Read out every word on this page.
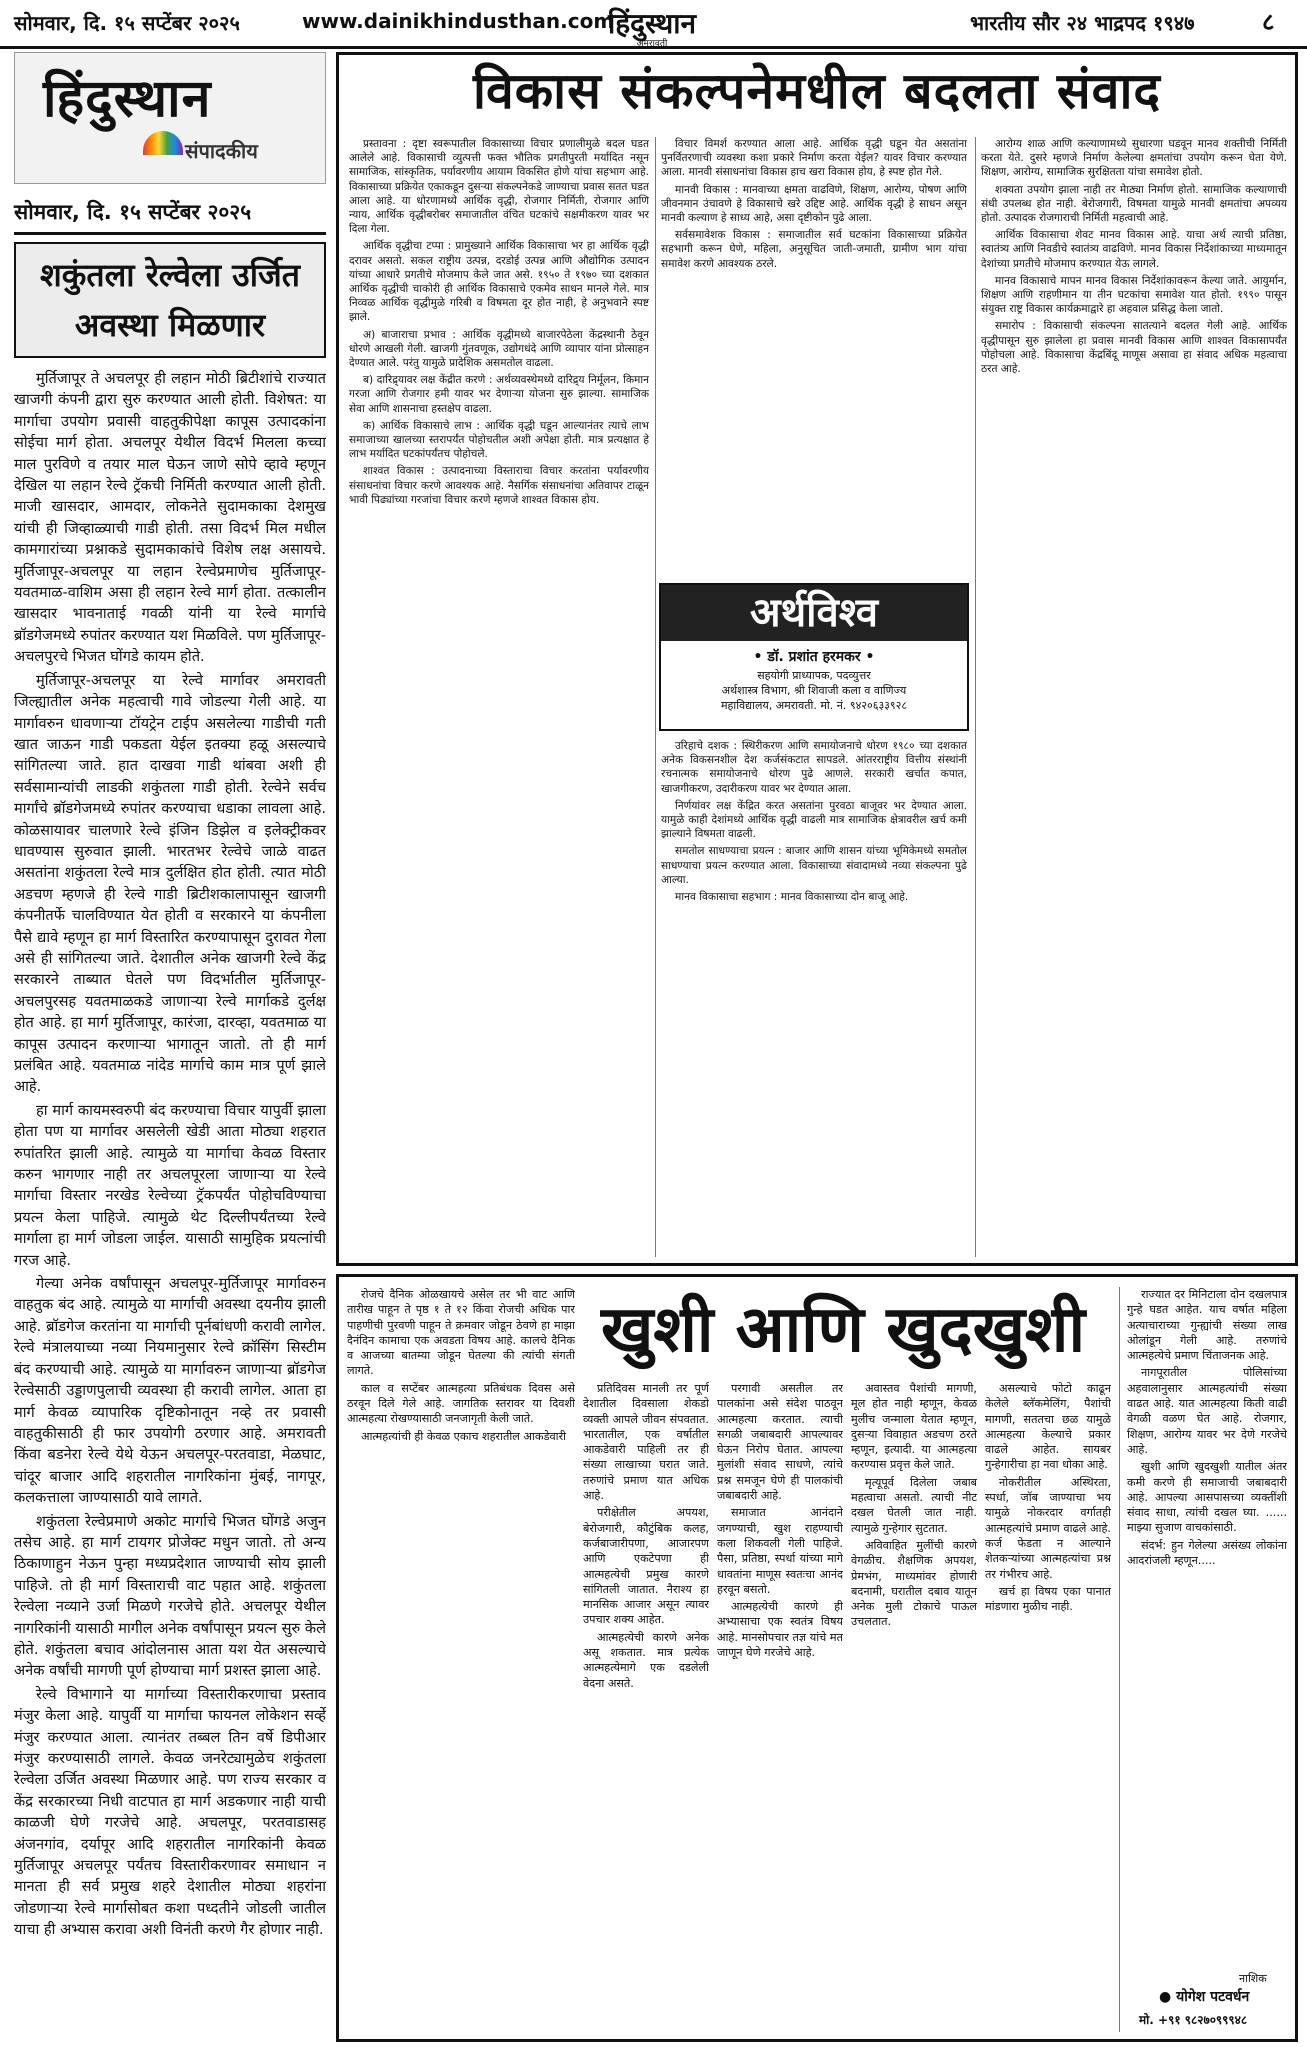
सोमवार, दि. १५ सप्टेंबर २०२५	www.dainikhindusthan.com
हिंदुस्थान
अमरावती
भारतीय सौर २४ भाद्रपद १९४७	८
हिंदुस्थान
संपादकीय
सोमवार, दि. १५ सप्टेंबर २०२५
शकुंतला रेल्वेला उर्जित
अवस्था मिळणार

मुर्तिजापूर ते अचलपूर ही लहान मोठी ब्रिटीशांचे राज्यात खाजगी कंपनी द्वारा सुरु करण्यात आली होती. विशेषत: या मार्गाचा उपयोग प्रवासी वाहतुकीपेक्षा कापूस उत्पादकांना सोईचा मार्ग होता. अचलपूर येथील विदर्भ मिलला कच्चा माल पुरविणे व तयार माल घेऊन जाणे सोपे व्हावे म्हणून देखिल या लहान रेल्वे ट्रॅकची निर्मिती करण्यात आली होती. माजी खासदार, आमदार, लोकनेते सुदामकाका देशमुख यांची ही जिव्हाळ्याची गाडी होती. तसा विदर्भ मिल मधील कामगारांच्या प्रश्नाकडे सुदामकाकांचे विशेष लक्ष असायचे. मुर्तिजापूर-अचलपूर या लहान रेल्वेप्रमाणेच मुर्तिजापूर-यवतमाळ-वाशिम असा ही लहान रेल्वे मार्ग होता. तत्कालीन खासदार भावनाताई गवळी यांनी या रेल्वे मार्गाचे ब्रॉडगेजमध्ये रुपांतर करण्यात यश मिळविले. पण मुर्तिजापूर-अचलपुरचे भिजत घोंगडे कायम होते.

मुर्तिजापूर-अचलपूर या रेल्वे मार्गावर अमरावती जिल्ह्यातील अनेक महत्वाची गावे जोडल्या गेली आहे. या मार्गावरुन धावणाऱ्या टॉयट्रेन टाईप असलेल्या गाडीची गती खात जाऊन गाडी पकडता येईल इतक्या हळू असल्याचे सांगितल्या जाते. हात दाखवा गाडी थांबवा अशी ही सर्वसामान्यांची लाडकी शकुंतला गाडी होती. रेल्वेने सर्वच मार्गांचे ब्रॉडगेजमध्ये रुपांतर करण्याचा धडाका लावला आहे. कोळसायावर चालणारे रेल्वे इंजिन डिझेल व इलेक्ट्रीकवर धावण्यास सुरुवात झाली. भारतभर रेल्वेचे जाळे वाढत असतांना शकुंतला रेल्वे मात्र दुर्लक्षित होत होती. त्यात मोठी अडचण म्हणजे ही रेल्वे गाडी ब्रिटीशकालापासून खाजगी कंपनीतर्फे चालविण्यात येत होती व सरकारने या कंपनीला पैसे द्यावे म्हणून हा मार्ग विस्तारित करण्यापासून दुरावत गेला असे ही सांगितल्या जाते. देशातील अनेक खाजगी रेल्वे केंद्र सरकारने ताब्यात घेतले पण विदर्भातील मुर्तिजापूर-अचलपुरसह यवतमाळकडे जाणाऱ्या रेल्वे मार्गाकडे दुर्लक्ष होत आहे. हा मार्ग मुर्तिजापूर, कारंजा, दारव्हा, यवतमाळ या कापूस उत्पादन करणाऱ्या भागातून जातो. तो ही मार्ग प्रलंबित आहे. यवतमाळ नांदेड मार्गाचे काम मात्र पूर्ण झाले आहे.

हा मार्ग कायमस्वरुपी बंद करण्याचा विचार यापुर्वी झाला होता पण या मार्गावर असलेली खेडी आता मोठ्या शहरात रुपांतरित झाली आहे. त्यामुळे या मार्गाचा केवळ विस्तार करुन भागणार नाही तर अचलपूरला जाणाऱ्या या रेल्वे मार्गाचा विस्तार नरखेड रेल्वेच्या ट्रॅकपर्यंत पोहोचविण्याचा प्रयत्न केला पाहिजे. त्यामुळे थेट दिल्लीपर्यंतच्या रेल्वे मार्गाला हा मार्ग जोडला जाईल. यासाठी सामुहिक प्रयत्नांची गरज आहे.

गेल्या अनेक वर्षांपासून अचलपूर-मुर्तिजापूर मार्गावरुन वाहतुक बंद आहे. त्यामुळे या मार्गाची अवस्था दयनीय झाली आहे. ब्रॉडगेज करतांना या मार्गाची पूर्नबांधणी करावी लागेल. रेल्वे मंत्रालयाच्या नव्या नियमानुसार रेल्वे क्रॉसिंग सिस्टीम बंद करण्याची आहे. त्यामुळे या मार्गावरुन जाणाऱ्या ब्रॉडगेज रेल्वेसाठी उड्डाणपुलाची व्यवस्था ही करावी लागेल. आता हा मार्ग केवळ व्यापारिक दृष्टिकोनातून नव्हे तर प्रवासी वाहतुकीसाठी ही फार उपयोगी ठरणार आहे. अमरावती किंवा बडनेरा रेल्वे येथे येऊन अचलपूर-परतवाडा, मेळघाट, चांदूर बाजार आदि शहरातील नागरिकांना मुंबई, नागपूर, कलकत्ताला जाण्यासाठी यावे लागते.

शकुंतला रेल्वेप्रमाणे अकोट मार्गाचे भिजत घोंगडे अजुन तसेच आहे. हा मार्ग टायगर प्रोजेक्ट मधुन जातो. तो अन्य ठिकाणाहुन नेऊन पुन्हा मध्यप्रदेशात जाण्याची सोय झाली पाहिजे. तो ही मार्ग विस्ताराची वाट पहात आहे. शकुंतला रेल्वेला नव्याने उर्जा मिळणे गरजेचे होते. अचलपूर येथील नागरिकांनी यासाठी मागील अनेक वर्षांपासून प्रयत्न सुरु केले होते. शकुंतला बचाव आंदोलनास आता यश येत असल्याचे अनेक वर्षांची मागणी पूर्ण होण्याचा मार्ग प्रशस्त झाला आहे.

रेल्वे विभागाने या मार्गाच्या विस्तारीकरणाचा प्रस्ताव मंजुर केला आहे. यापुर्वी या मार्गाचा फायनल लोकेशन सर्व्हे मंजुर करण्यात आला. त्यानंतर तब्बल तिन वर्षे डिपीआर मंजुर करण्यासाठी लागले. केवळ जनरेट्यामुळेच शकुंतला रेल्वेला उर्जित अवस्था मिळणार आहे. पण राज्य सरकार व केंद्र सरकारच्या निधी वाटपात हा मार्ग अडकणार नाही याची काळजी घेणे गरजेचे आहे. अचलपूर, परतवाडासह अंजनगांव, दर्यापूर आदि शहरातील नागरिकांनी केवळ मुर्तिजापूर अचलपूर पर्यंतच विस्तारीकरणावर समाधान न मानता ही सर्व प्रमुख शहरे देशातील मोठ्या शहरांना जोडणाऱ्या रेल्वे मार्गासोबत कशा पध्दतीने जोडली जातील याचा ही अभ्यास करावा अशी विनंती करणे गैर होणार नाही.

विकास संकल्पनेमधील बदलता संवाद

प्रस्तावना : दृष्टा स्वरूपातील विकासाच्या विचार प्रणालीमुळे बदल घडत आलेले आहे. विकासाची व्युत्पत्ती फक्त भौतिक प्रगतीपुरती मर्यादित नसून सामाजिक, सांस्कृतिक, पर्यावरणीय आयाम विकसित होणे यांचा सहभाग आहे. विकासाच्या प्रक्रियेत एकाकडून दुसऱ्या संकल्पनेकडे जाण्याचा प्रवास सतत घडत आला आहे. या धोरणामध्ये आर्थिक वृद्धी, रोजगार निर्मिती, रोजगार आणि न्याय, आर्थिक वृद्धीबरोबर समाजातील वंचित घटकांचे सक्षमीकरण यावर भर दिला गेला.

आर्थिक वृद्धीचा टप्पा : प्रामुख्याने आर्थिक विकासाचा भर हा आर्थिक वृद्धी दरावर असतो. सकल राष्ट्रीय उत्पन्न, दरडोई उत्पन्न आणि औद्योगिक उत्पादन यांच्या आधारे प्रगतीचे मोजमाप केले जात असे. १९५० ते १९७० च्या दशकात आर्थिक वृद्धीची चाकोरी ही आर्थिक विकासाचे एकमेव साधन मानले गेले. मात्र निव्वळ आर्थिक वृद्धीमुळे गरिबी व विषमता दूर होत नाही, हे अनुभवाने स्पष्ट झाले.

अ) बाजाराचा प्रभाव : आर्थिक वृद्धीमध्ये बाजारपेठेला केंद्रस्थानी ठेवून धोरणे आखली गेली. खाजगी गुंतवणूक, उद्योगधंदे आणि व्यापार यांना प्रोत्साहन देण्यात आले. परंतु यामुळे प्रादेशिक असमतोल वाढला.

ब) दारिद्र्यावर लक्ष केंद्रीत करणे : अर्थव्यवस्थेमध्ये दारिद्र्य निर्मूलन, किमान गरजा आणि रोजगार हमी यावर भर देणाऱ्या योजना सुरु झाल्या. सामाजिक सेवा आणि शासनाचा हस्तक्षेप वाढला.

क) आर्थिक विकासाचे लाभ : आर्थिक वृद्धी घडून आल्यानंतर त्याचे लाभ समाजाच्या खालच्या स्तरापर्यंत पोहोचतील अशी अपेक्षा होती. मात्र प्रत्यक्षात हे लाभ मर्यादित घटकांपर्यंतच पोहोचले.

शाश्वत विकास : उत्पादनाच्या विस्ताराचा विचार करतांना पर्यावरणीय संसाधनांचा विचार करणे आवश्यक आहे. नैसर्गिक संसाधनांचा अतिवापर टाळून भावी पिढ्यांच्या गरजांचा विचार करणे म्हणजे शाश्वत विकास होय.

विचार विमर्श करण्यात आला आहे. आर्थिक वृद्धी घडून येत असतांना पुनर्वितरणाची व्यवस्था कशा प्रकारे निर्माण करता येईल? यावर विचार करण्यात आला. मानवी संसाधनांचा विकास हाच खरा विकास होय, हे स्पष्ट होत गेले.

मानवी विकास : मानवाच्या क्षमता वाढविणे, शिक्षण, आरोग्य, पोषण आणि जीवनमान उंचावणे हे विकासाचे खरे उद्दिष्ट आहे. आर्थिक वृद्धी हे साधन असून मानवी कल्याण हे साध्य आहे, असा दृष्टीकोन पुढे आला.

सर्वसमावेशक विकास : समाजातील सर्व घटकांना विकासाच्या प्रक्रियेत सहभागी करून घेणे, महिला, अनुसूचित जाती-जमाती, ग्रामीण भाग यांचा समावेश करणे आवश्यक ठरले.

अर्थविश्व
• डॉ. प्रशांत हरमकर •
सहयोगी प्राध्यापक, पदव्युत्तर
अर्थशास्त्र विभाग, श्री शिवाजी कला व वाणिज्य
महाविद्यालय, अमरावती. मो. नं. ९४२०६३३९२८

उरिहाचे दशक : स्थिरीकरण आणि समायोजनाचे धोरण १९८० च्या दशकात अनेक विकसनशील देश कर्जसंकटात सापडले. आंतरराष्ट्रीय वित्तीय संस्थांनी रचनात्मक समायोजनाचे धोरण पुढे आणले. सरकारी खर्चात कपात, खाजगीकरण, उदारीकरण यावर भर देण्यात आला.

निर्णयांवर लक्ष केंद्रित करत असतांना पुरवठा बाजूवर भर देण्यात आला. यामुळे काही देशांमध्ये आर्थिक वृद्धी वाढली मात्र सामाजिक क्षेत्रावरील खर्च कमी झाल्याने विषमता वाढली.

समतोल साधण्याचा प्रयत्न : बाजार आणि शासन यांच्या भूमिकेमध्ये समतोल साधण्याचा प्रयत्न करण्यात आला. विकासाच्या संवादामध्ये नव्या संकल्पना पुढे आल्या.

मानव विकासाचा सहभाग : मानव विकासाच्या दोन बाजू आहे.

आरोग्य शाळ आणि कल्याणामध्ये सुधारणा घडवून मानव शक्तीची निर्मिती करता येते. दुसरे म्हणजे निर्माण केलेल्या क्षमतांचा उपयोग करून घेता येणे. शिक्षण, आरोग्य, सामाजिक सुरक्षितता यांचा समावेश होतो.

शक्यता उपयोग झाला नाही तर मेाठ्या निर्माण होतो. सामाजिक कल्याणाची संधी उपलब्ध होत नाही. बेरोजगारी, विषमता यामुळे मानवी क्षमतांचा अपव्यय होतो. उत्पादक रोजगाराची निर्मिती महत्वाची आहे.

आर्थिक विकासाचा शेवट मानव विकास आहे. याचा अर्थ त्याची प्रतिष्ठा, स्वातंत्र्य आणि निवडीचे स्वातंत्र्य वाढविणे. मानव विकास निर्देशांकाच्या माध्यमातून देशांच्या प्रगतीचे मोजमाप करण्यात येऊ लागले.

मानव विकासाचे मापन मानव विकास निर्देशांकावरून केल्या जाते. आयुर्मान, शिक्षण आणि राहणीमान या तीन घटकांचा समावेश यात होतो. १९९० पासून संयुक्त राष्ट्र विकास कार्यक्रमाद्वारे हा अहवाल प्रसिद्ध केला जातो.

समारोप : विकासाची संकल्पना सातत्याने बदलत गेली आहे. आर्थिक वृद्धीपासून सुरु झालेला हा प्रवास मानवी विकास आणि शाश्वत विकासापर्यंत पोहोचला आहे. विकासाचा केंद्रबिंदू माणूस असावा हा संवाद अधिक महत्वाचा ठरत आहे.

रोजचे दैनिक ओळखायचे असेल तर भी वाट आणि तारीख पाहून ते पृष्ठ १ ते १२ किंवा रोजची अधिक पार पाहणीची पुरवणी पाहून ते क्रमवार जोडून ठेवणे हा माझा दैनंदिन कामाचा एक अवडता विषय आहे. कालचे दैनिक व आजच्या बातम्या जोडून घेतल्या की त्यांची संगती लागते.

काल व सप्टेंबर आत्महत्या प्रतिबंधक दिवस असे ठरवून दिले गेले आहे. जागतिक स्तरावर या दिवशी आत्महत्या रोखण्यासाठी जनजागृती केली जाते.

आत्महत्यांची ही केवळ एकाच शहरातील आकडेवारी

खुशी आणि खुदखुशी

प्रतिदिवस मानली तर पूर्ण देशातील दिवसाला शेकडो व्यक्ती आपले जीवन संपवतात. भारतातील, एक वर्षातील आकडेवारी पाहिली तर ही संख्या लाखाच्या घरात जाते. तरुणांचे प्रमाण यात अधिक आहे.

परीक्षेतील अपयश, बेरोजगारी, कौटुंबिक कलह, कर्जबाजारीपणा, आजारपण आणि एकटेपणा ही आत्महत्येची प्रमुख कारणे सांगितली जातात. नैराश्य हा मानसिक आजार असून त्यावर उपचार शक्य आहेत.

आत्महत्येची कारणे अनेक असू शकतात. मात्र प्रत्येक आत्महत्येमागे एक दडलेली वेदना असते.

परगावी असतील तर पालकांना असे संदेश पाठवून आत्महत्या करतात. त्याची सगळी जबाबदारी आपल्यावर घेऊन निरोप घेतात. आपल्या मुलांशी संवाद साधणे, त्यांचे प्रश्न समजून घेणे ही पालकांची जबाबदारी आहे.

समाजात आनंदाने जगण्याची, खुश राहण्याची कला शिकवली गेली पाहिजे. पैसा, प्रतिष्ठा, स्पर्धा यांच्या मागे धावतांना माणूस स्वतःचा आनंद हरवून बसतो.

आत्महत्येची कारणे ही अभ्यासाचा एक स्वतंत्र विषय आहे. मानसोपचार तज्ञ यांचे मत जाणून घेणे गरजेचे आहे.

अवास्तव पैशांची मागणी, मूल होत नाही म्हणून, केवळ मुलीच जन्माला येतात म्हणून, दुसऱ्या विवाहात अडचण ठरते म्हणून, इत्यादी. या आत्महत्या करण्यास प्रवृत्त केले जाते.

मृत्यूपूर्व दिलेला जबाब महत्वाचा असतो. त्याची नीट दखल घेतली जात नाही. त्यामुळे गुन्हेगार सुटतात.

अविवाहित मुलींची कारणे वेगळीच. शैक्षणिक अपयश, प्रेमभंग, माध्यमांवर होणारी बदनामी, घरातील दबाव यातून अनेक मुली टोकाचे पाऊल उचलतात.

असल्याचे फोटो काढून केलेले ब्लॅकमेलिंग, पैशांची मागणी, सततचा छळ यामुळे आत्महत्या केल्याचे प्रकार वाढले आहेत. सायबर गुन्हेगारीचा हा नवा धोका आहे.

नोकरीतील अस्थिरता, स्पर्धा, जॉब जाण्याचा भय यामुळे नोकरदार वर्गातही आत्महत्यांचे प्रमाण वाढले आहे. कर्ज फेडता न आल्याने शेतकऱ्यांच्या आत्महत्यांचा प्रश्न तर गंभीरच आहे.

खर्च हा विषय एका पानात मांडणारा मुळीच नाही.

राज्यात दर मिनिटाला दोन दखलपात्र गुन्हे घडत आहेत. याच वर्षात महिला अत्याचाराच्या गुन्ह्यांची संख्या लाख ओलांडून गेली आहे. तरुणांचे आत्महत्येचे प्रमाण चिंताजनक आहे.

नागपूरातील पोलिसांच्या अहवालानुसार आत्महत्यांची संख्या वाढत आहे. यात आत्महत्या किती वाढी वेगळी वळण घेत आहे. रोजगार, शिक्षण, आरोग्य यावर भर देणे गरजेचे आहे.

खुशी आणि खुदखुशी यातील अंतर कमी करणे ही समाजाची जबाबदारी आहे. आपल्या आसपासच्या व्यक्तींशी संवाद साधा, त्यांची दखल घ्या. ...... माझ्या सुजाण वाचकांसाठी.

संदर्भ: हुन गेलेल्या असंख्य लोकांना आदरांजली म्हणून.....

नाशिक
● योगेश पटवर्धन
मो. +९१ ९८२७०९९९४८
